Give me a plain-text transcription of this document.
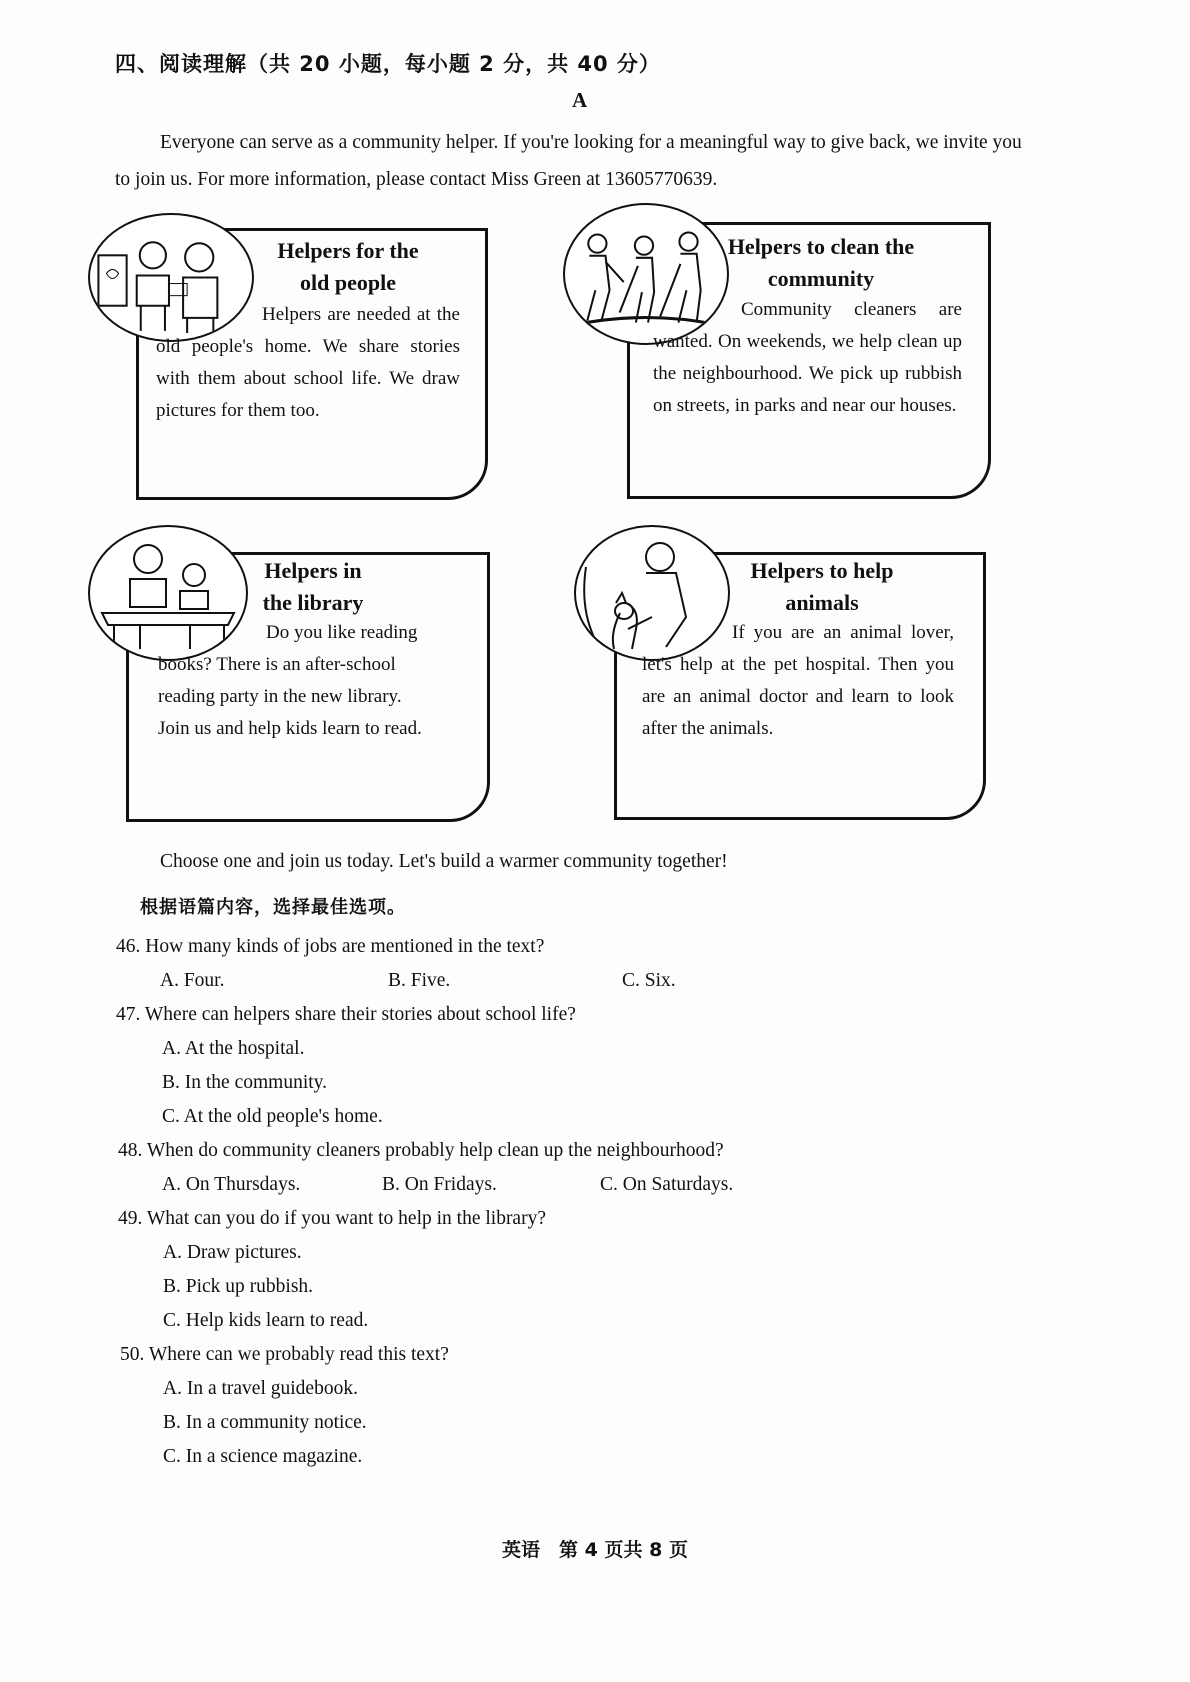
四、阅读理解（共 20 小题，每小题 2 分，共 40 分）
A
Everyone can serve as a community helper. If you're looking for a meaningful way to give back, we invite you to join us. For more information, please contact Miss Green at 13605770639.
Helpers for the
old people
Helpers are needed at the old people's home. We share stories with them about school life. We draw pictures for them too.
Helpers to clean the
community
Community cleaners are wanted. On weekends, we help clean up the neighbourhood. We pick up rubbish on streets, in parks and near our houses.
Helpers in
the library
Do you like reading books? There is an after-school reading party in the new library. Join us and help kids learn to read.
Helpers to help
animals
If you are an animal lover, let's help at the pet hospital. Then you are an animal doctor and learn to look after the animals.
Choose one and join us today. Let's build a warmer community together!
根据语篇内容，选择最佳选项。
46. How many kinds of jobs are mentioned in the text?
A. Four.	B. Five.	C. Six.
47. Where can helpers share their stories about school life?
A. At the hospital.
B. In the community.
C. At the old people's home.
48. When do community cleaners probably help clean up the neighbourhood?
A. On Thursdays.	B. On Fridays.	C. On Saturdays.
49. What can you do if you want to help in the library?
A. Draw pictures.
B. Pick up rubbish.
C. Help kids learn to read.
50. Where can we probably read this text?
A. In a travel guidebook.
B. In a community notice.
C. In a science magazine.
英语　第 4 页共 8 页
